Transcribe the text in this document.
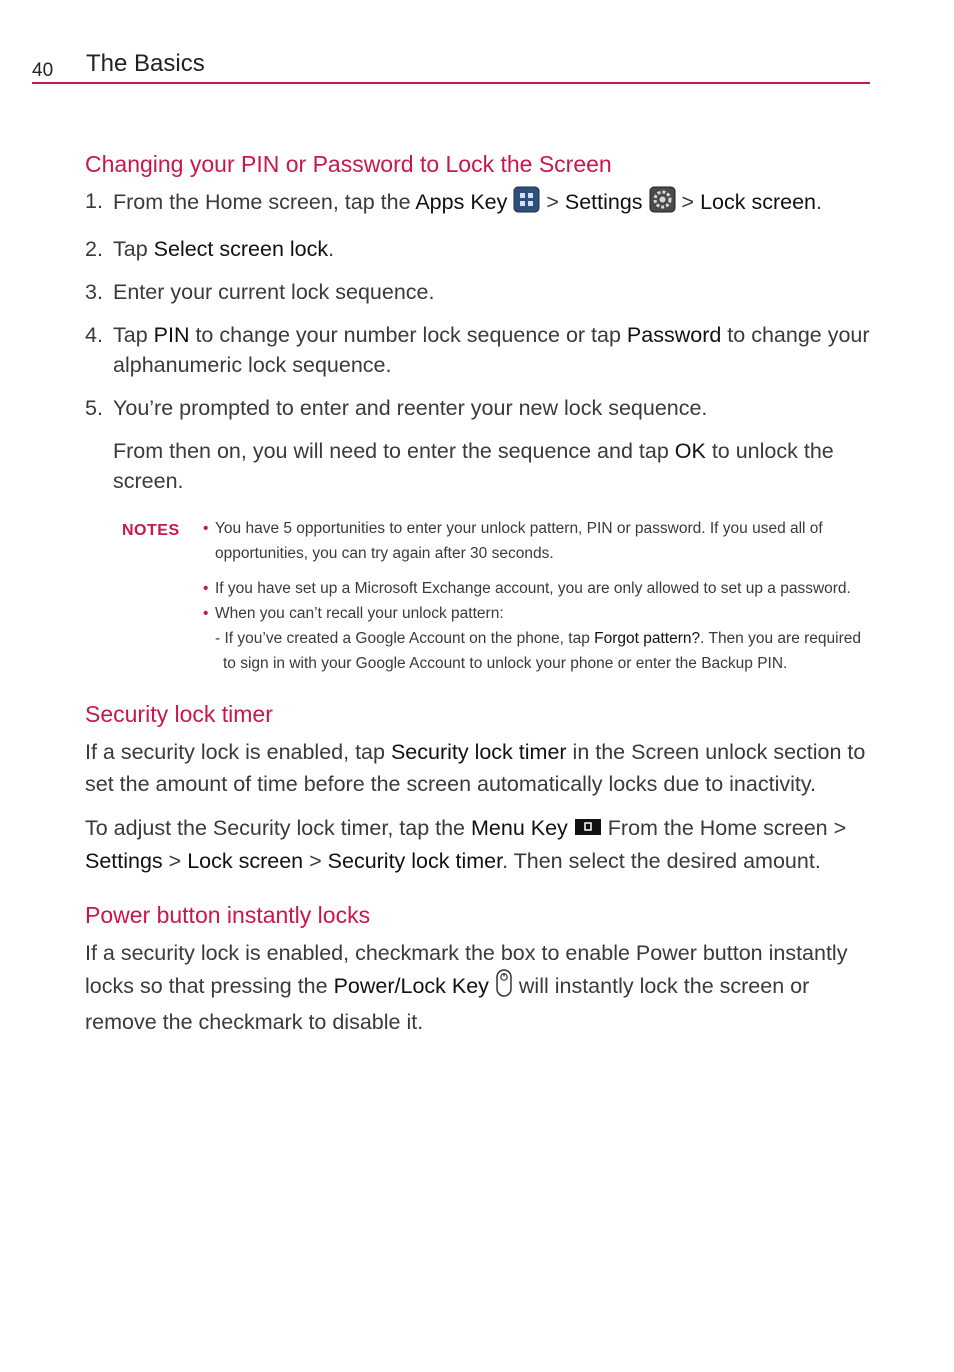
40 The Basics
Changing your PIN or Password to Lock the Screen
1. From the Home screen, tap the Apps Key  > Settings  > Lock screen.
2. Tap Select screen lock.
3. Enter your current lock sequence.
4. Tap PIN to change your number lock sequence or tap Password to change your alphanumeric lock sequence.
5. You’re prompted to enter and reenter your new lock sequence.

From then on, you will need to enter the sequence and tap OK to unlock the screen.

NOTES • You have 5 opportunities to enter your unlock pattern, PIN or password. If you used all of opportunities, you can try again after 30 seconds.
• If you have set up a Microsoft Exchange account, you are only allowed to set up a password.
• When you can’t recall your unlock pattern:
- If you’ve created a Google Account on the phone, tap Forgot pattern?. Then you are required to sign in with your Google Account to unlock your phone or enter the Backup PIN.
Security lock timer

If a security lock is enabled, tap Security lock timer in the Screen unlock section to set the amount of time before the screen automatically locks due to inactivity.

To adjust the Security lock timer, tap the Menu Key  From the Home screen > Settings > Lock screen > Security lock timer. Then select the desired amount.

Power button instantly locks

If a security lock is enabled, checkmark the box to enable Power button instantly locks so that pressing the Power/Lock Key  will instantly lock the screen or remove the checkmark to disable it.
